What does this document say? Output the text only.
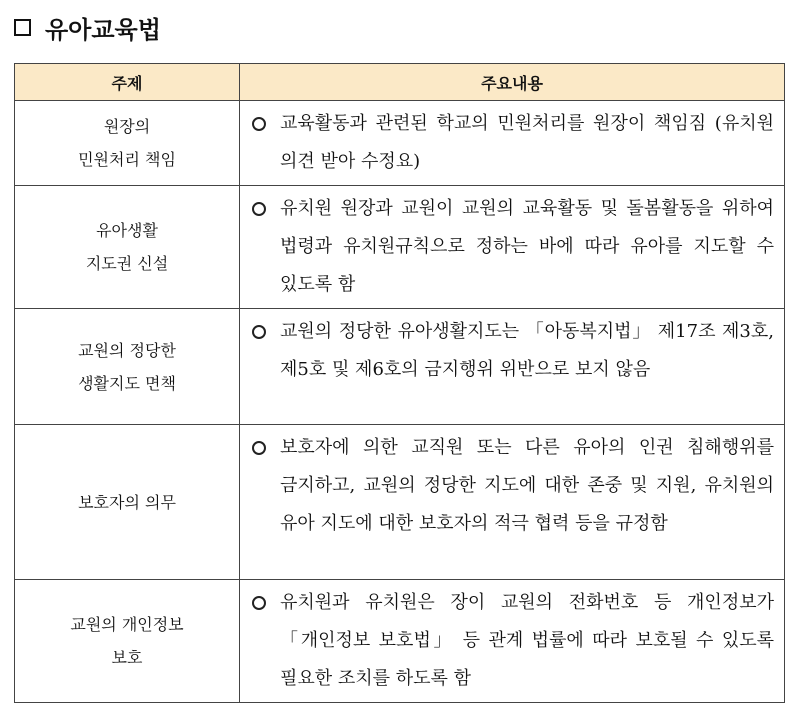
유아교육법
주제	주요내용

원장의
민원처리 책임	교육활동과 관련된 학교의 민원처리를 원장이 책임짐 (유치원 의견 받아 수정요)

유아생활
지도권 신설	유치원 원장과 교원이 교원의 교육활동 및 돌봄활동을 위하여 법령과 유치원규칙으로 정하는 바에 따라 유아를 지도할 수 있도록 함

교원의 정당한
생활지도 면책	교원의 정당한 유아생활지도는 「아동복지법」 제17조 제3호, 제5호 및 제6호의 금지행위 위반으로 보지 않음

보호자의 의무	보호자에 의한 교직원 또는 다른 유아의 인권 침해행위를 금지하고, 교원의 정당한 지도에 대한 존중 및 지원, 유치원의 유아 지도에 대한 보호자의 적극 협력 등을 규정함

교원의 개인정보
보호	유치원과 유치원은 장이 교원의 전화번호 등 개인정보가 「개인정보 보호법」 등 관계 법률에 따라 보호될 수 있도록 필요한 조치를 하도록 함
